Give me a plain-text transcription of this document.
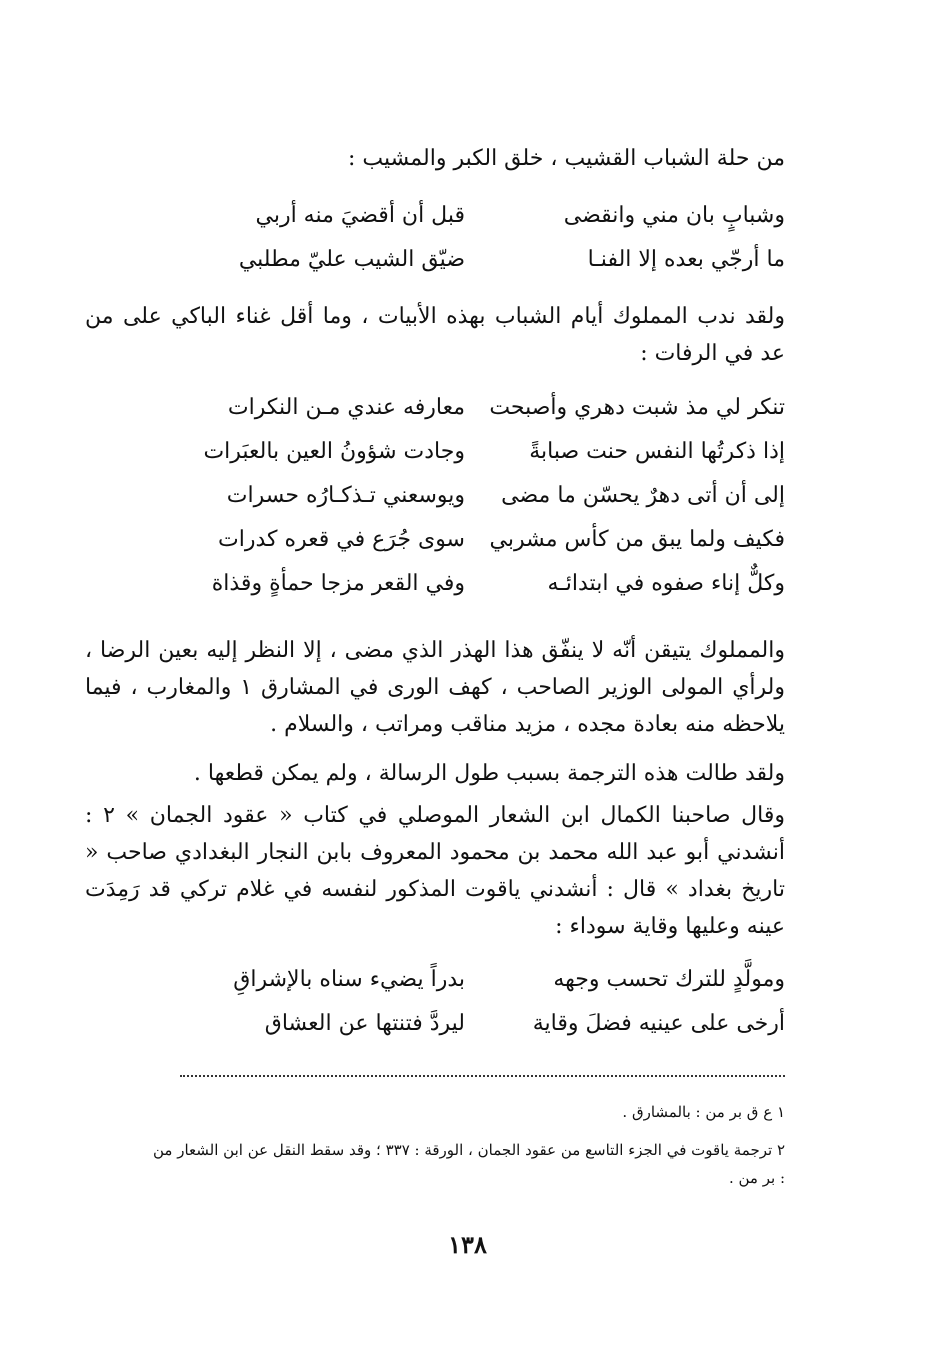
من حلة الشباب القشيب ، خلق الكبر والمشيب :
وشبابٍ بان مني وانقضى
قبل أن أقضيَ منه أربي
ما أرجّي بعده إلا الفنـا
ضيّق الشيب عليّ مطلبي
ولقد ندب المملوك أيام الشباب بهذه الأبيات ، وما أقل غناء الباكي على من عد في الرفات :
تنكر لي مذ شبت دهري وأصبحت
معارفه عندي مـن النكرات
إذا ذكرتُها النفس حنت صبابةً
وجادت شؤونُ العين بالعبَرات
إلى أن أتى دهرٌ يحسّن ما مضى
ويوسعني تـذكـارُه حسرات
فكيف ولما يبق من كأس مشربي
سوى جُرَع في قعره كدرات
وكلٌّ إناء صفوه في ابتدائـه
وفي القعر مزجا حمأةٍ وقذاة
والمملوك يتيقن أنّه لا ينفّق هذا الهذر الذي مضى ، إلا النظر إليه بعين الرضا ، ولرأي المولى الوزير الصاحب ، كهف الورى في المشارق ١ والمغارب ، فيما يلاحظه منه بعادة مجده ، مزيد مناقب ومراتب ، والسلام .
ولقد طالت هذه الترجمة بسبب طول الرسالة ، ولم يمكن قطعها .
وقال صاحبنا الكمال ابن الشعار الموصلي في كتاب « عقود الجمان » ٢ : أنشدني أبو عبد الله محمد بن محمود المعروف بابن النجار البغدادي صاحب « تاريخ بغداد » قال : أنشدني ياقوت المذكور لنفسه في غلام تركي قد رَمِدَت عينه وعليها وقاية سوداء :
ومولَّدٍ للترك تحسب وجهه
بدراً يضيء سناه بالإشراقِ
أرخى على عينيه فضلَ وقاية
ليردَّ فتنتها عن العشاق
١ ع ق بر من : بالمشارق .
٢ ترجمة ياقوت في الجزء التاسع من عقود الجمان ، الورقة : ٣٣٧ ؛ وقد سقط النقل عن ابن الشعار من : بر من .
١٣٨
